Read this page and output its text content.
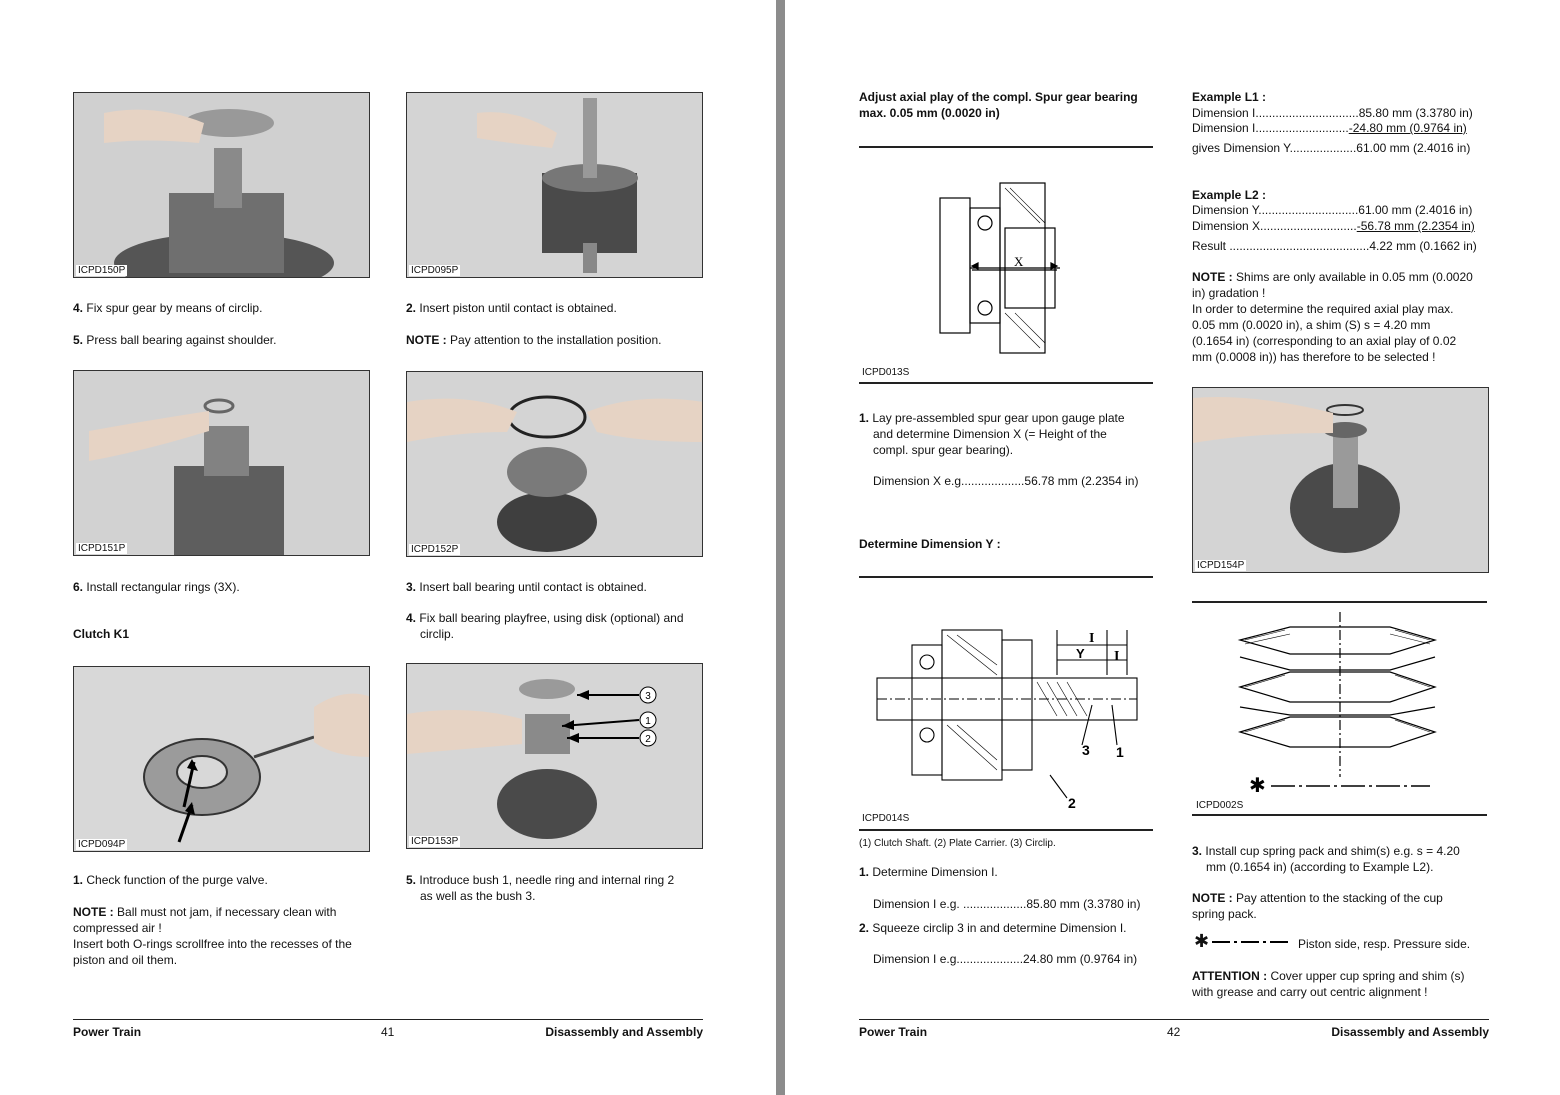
ICPD150P	ICPD095P
4. Fix spur gear by means of circlip.
5. Press ball bearing against shoulder.
2. Insert piston until contact is obtained.
NOTE : Pay attention to the installation position.
ICPD151P	ICPD152P
6. Install rectangular rings (3X).
Clutch K1
3. Insert ball bearing until contact is obtained.
4. Fix ball bearing playfree, using disk (optional) and
circlip.
ICPD094P
3
1
2
ICPD153P
1. Check function of the purge valve.
NOTE : Ball must not jam, if necessary clean with
compressed air !
Insert both O-rings scrollfree into the recesses of the
piston and oil them.
5. Introduce bush 1, needle ring and internal ring 2
as well as the bush 3.
Power Train	41	Disassembly and Assembly
Adjust axial play of the compl. Spur gear bearing
max. 0.05 mm (0.0020 in)
X
ICPD013S
1. Lay pre-assembled spur gear upon gauge plate
and determine Dimension X (= Height of the
compl. spur gear bearing).
Dimension X e.g...................56.78 mm (2.2354 in)
Determine Dimension Y :
I
Y I
3 1
2
ICPD014S
(1) Clutch Shaft. (2) Plate Carrier. (3) Circlip.
1. Determine Dimension I.
Dimension I e.g. ...................85.80 mm (3.3780 in)
2. Squeeze circlip 3 in and determine Dimension I.
Dimension I e.g....................24.80 mm (0.9764 in)
Example L1 :
Dimension I...............................85.80 mm (3.3780 in)
Dimension I............................-24.80 mm (0.9764 in)
gives Dimension Y....................61.00 mm (2.4016 in)
Example L2 :
Dimension Y..............................61.00 mm (2.4016 in)
Dimension X.............................-56.78 mm (2.2354 in)
Result ..........................................4.22 mm (0.1662 in)
NOTE : Shims are only available in 0.05 mm (0.0020
in) gradation !
In order to determine the required axial play max.
0.05 mm (0.0020 in), a shim (S) s = 4.20 mm
(0.1654 in) (corresponding to an axial play of 0.02
mm (0.0008 in)) has therefore to be selected !
ICPD154P
✱
ICPD002S
3. Install cup spring pack and shim(s) e.g. s = 4.20
mm (0.1654 in) (according to Example L2).
NOTE : Pay attention to the stacking of the cup
spring pack.
✱	Piston side, resp. Pressure side.
ATTENTION : Cover upper cup spring and shim (s)
with grease and carry out centric alignment !
Power Train	42	Disassembly and Assembly
